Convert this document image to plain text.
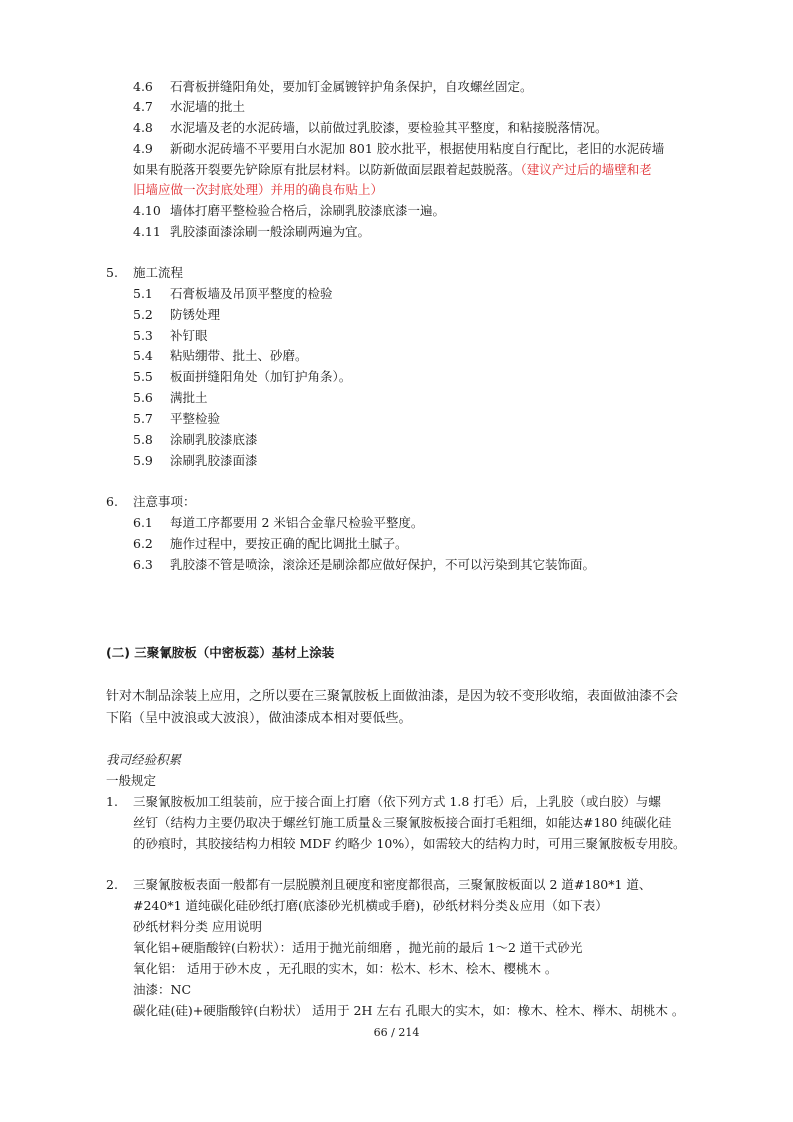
4.6 石膏板拼缝阳角处，要加钉金属镀锌护角条保护，自攻螺丝固定。
4.7 水泥墙的批土
4.8 水泥墙及老的水泥砖墙，以前做过乳胶漆，要检验其平整度，和粘接脱落情况。
4.9 新砌水泥砖墙不平要用白水泥加 801 胶水批平，根据使用粘度自行配比，老旧的水泥砖墙
如果有脱落开裂要先铲除原有批层材料。以防新做面层跟着起鼓脱落。（建议产过后的墙壁和老
旧墙应做一次封底处理）并用的确良布贴上）
4.10 墙体打磨平整检验合格后，涂刷乳胶漆底漆一遍。
4.11 乳胶漆面漆涂刷一般涂刷两遍为宜。
5. 施工流程
5.1 石膏板墙及吊顶平整度的检验
5.2 防锈处理
5.3 补钉眼
5.4 粘贴绷带、批土、砂磨。
5.5 板面拼缝阳角处（加钉护角条）。
5.6 满批土
5.7 平整检验
5.8 涂刷乳胶漆底漆
5.9 涂刷乳胶漆面漆
6. 注意事项：
6.1 每道工序都要用 2 米铝合金靠尺检验平整度。
6.2 施作过程中，要按正确的配比调批土腻子。
6.3 乳胶漆不管是喷涂，滚涂还是刷涂都应做好保护，不可以污染到其它装饰面。
(二) 三聚氰胺板（中密板蕊）基材上涂装
针对木制品涂装上应用，之所以要在三聚氰胺板上面做油漆，是因为较不变形收缩，表面做油漆不会
下陷（呈中波浪或大波浪），做油漆成本相对要低些。
我司经验积累
一般规定
1. 三聚氰胺板加工组装前，应于接合面上打磨（依下列方式 1.8 打毛）后，上乳胶（或白胶）与螺
丝钉（结构力主要仍取决于螺丝钉施工质量＆三聚氰胺板接合面打毛粗细，如能达#180 纯碳化硅
的砂痕时，其胶接结构力相较 MDF 约略少 10%），如需较大的结构力时，可用三聚氰胺板专用胶。
2. 三聚氰胺板表面一般都有一层脱膜剂且硬度和密度都很高，三聚氰胺板面以 2 道#180*1 道、
#240*1 道纯碳化硅砂纸打磨(底漆砂光机横或手磨)，砂纸材料分类＆应用（如下表）
砂纸材料分类 应用说明
氧化铝+硬脂酸锌(白粉状）：适用于抛光前细磨 ，抛光前的最后 1～2 道干式砂光
氧化铝： 适用于砂木皮 ，无孔眼的实木，如：松木、杉木、桧木、樱桃木 。
油漆：NC
碳化硅(硅)+硬脂酸锌(白粉状） 适用于 2H 左右 孔眼大的实木，如：橡木、栓木、榉木、胡桃木 。
66 / 214
